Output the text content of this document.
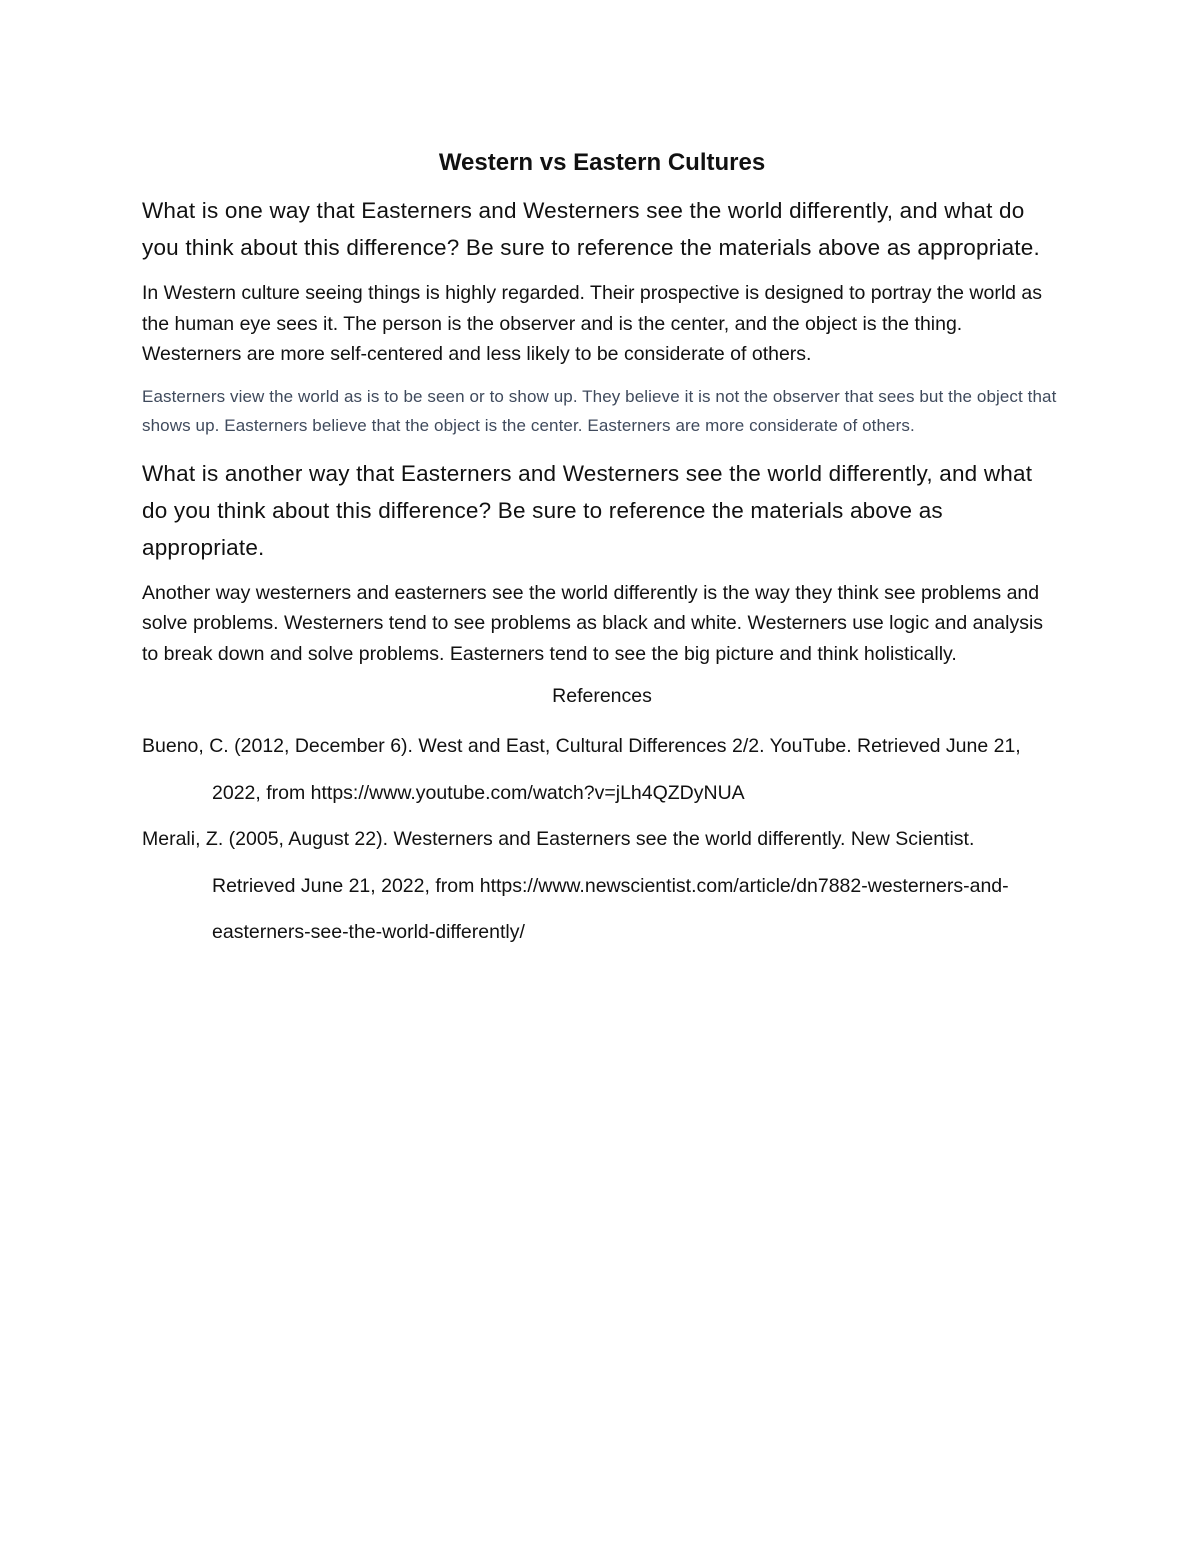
Western vs Eastern Cultures

What is one way that Easterners and Westerners see the world differently, and what do you think about this difference? Be sure to reference the materials above as appropriate.

In Western culture seeing things is highly regarded. Their prospective is designed to portray the world as the human eye sees it. The person is the observer and is the center, and the object is the thing. Westerners are more self-centered and less likely to be considerate of others.

Easterners view the world as is to be seen or to show up. They believe it is not the observer that sees but the object that shows up. Easterners believe that the object is the center. Easterners are more considerate of others.

What is another way that Easterners and Westerners see the world differently, and what do you think about this difference? Be sure to reference the materials above as appropriate.

Another way westerners and easterners see the world differently is the way they think see problems and solve problems. Westerners tend to see problems as black and white. Westerners use logic and analysis to break down and solve problems. Easterners tend to see the big picture and think holistically.

References

Bueno, C. (2012, December 6). West and East, Cultural Differences 2/2. YouTube. Retrieved June 21, 2022, from https://www.youtube.com/watch?v=jLh4QZDyNUA

Merali, Z. (2005, August 22). Westerners and Easterners see the world differently. New Scientist. Retrieved June 21, 2022, from https://www.newscientist.com/article/dn7882-westerners-and-easterners-see-the-world-differently/
